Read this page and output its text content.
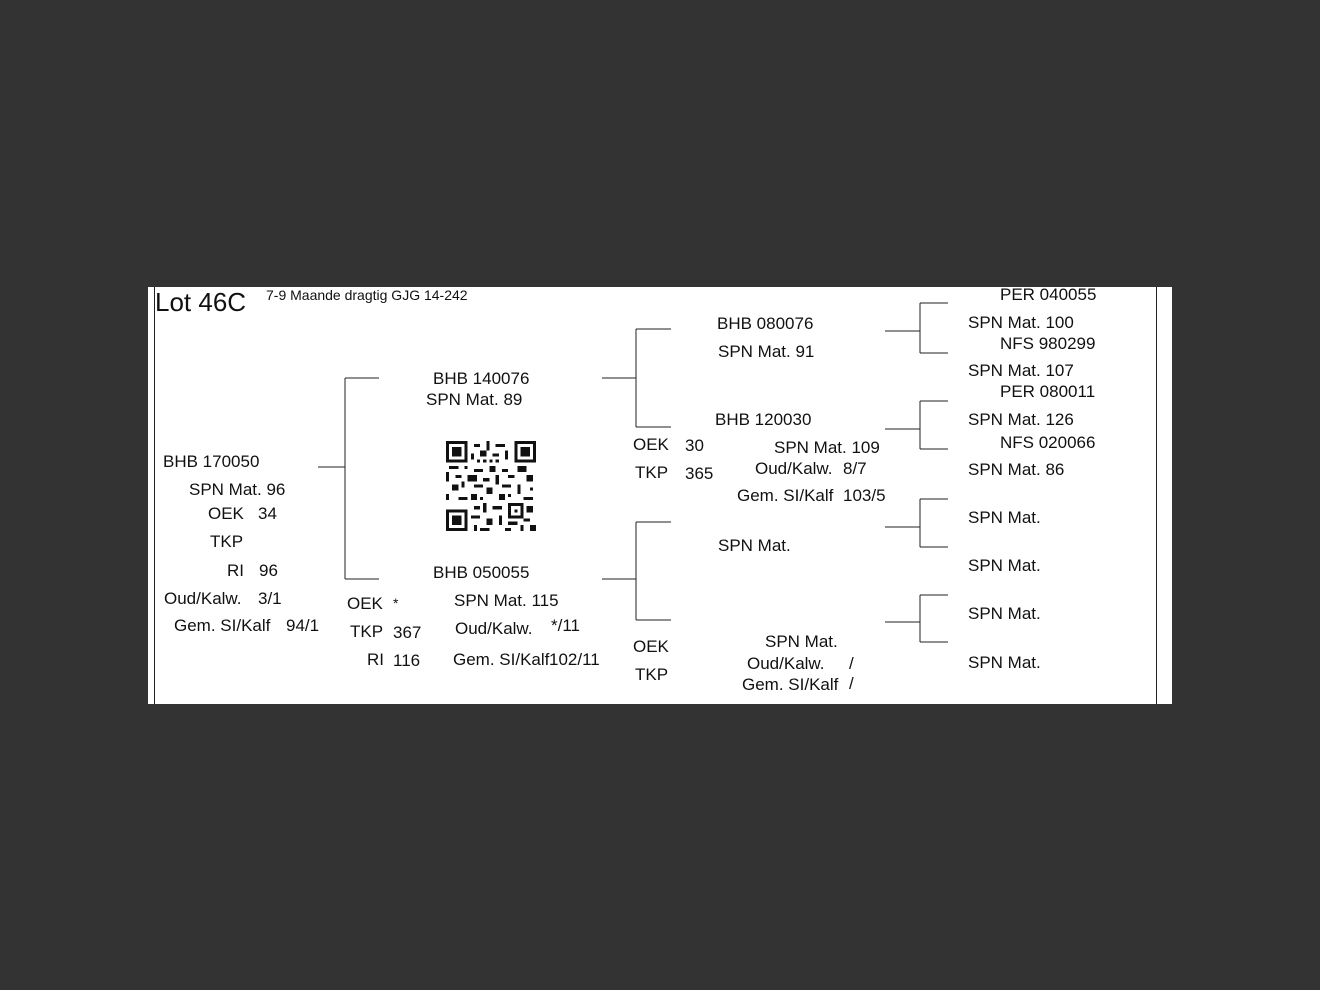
Lot 46C 7-9 Maande dragtig GJG 14-242
BHB 170050
SPN Mat. 96
OEK 34
TKP
RI 96
Oud/Kalw. 3/1
Gem. SI/Kalf 94/1
BHB 140076
SPN Mat. 89
BHB 050055
OEK *
TKP 367
RI 116
SPN Mat. 115
Oud/Kalw. */11
Gem. SI/Kalf 102/11
BHB 080076
SPN Mat. 91
BHB 120030
OEK 30
TKP 365
SPN Mat. 109
Oud/Kalw. 8/7
Gem. SI/Kalf 103/5
SPN Mat.
OEK
TKP
SPN Mat.
Oud/Kalw. /
Gem. SI/Kalf /
PER 040055
SPN Mat. 100
NFS 980299
SPN Mat. 107
PER 080011
SPN Mat. 126
NFS 020066
SPN Mat. 86
SPN Mat.
SPN Mat.
SPN Mat.
SPN Mat.
